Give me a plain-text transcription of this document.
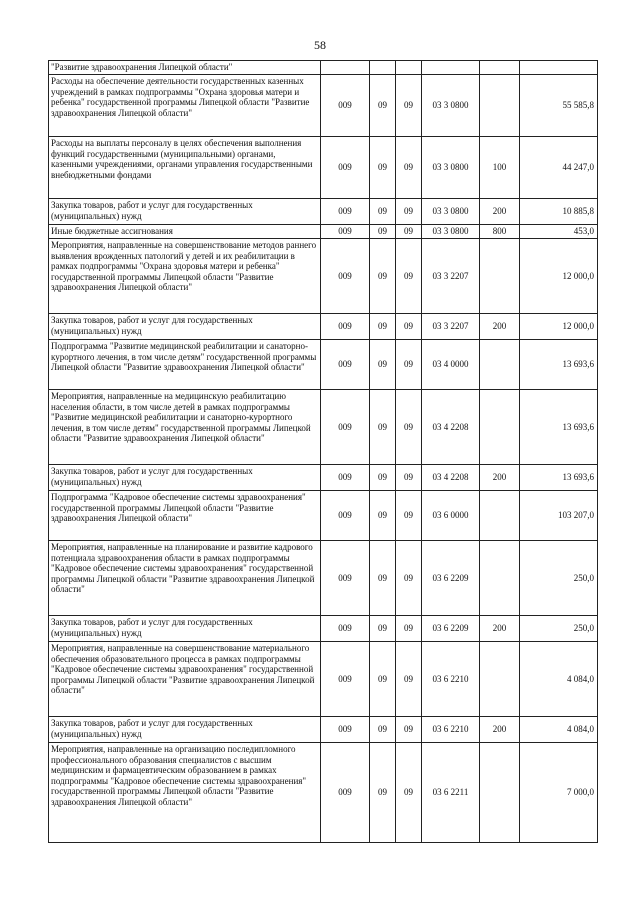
58
"Развитие здравоохранения Липецкой области"						
Расходы на обеспечение деятельности государственных казенных учреждений в рамках подпрограммы "Охрана здоровья матери и ребенка" государственной программы Липецкой области "Развитие здравоохранения Липецкой области"	009	09	09	03 3 0800		55 585,8
Расходы на выплаты персоналу в целях обеспечения выполнения функций государственными (муниципальными) органами, казенными учреждениями, органами управления государственными внебюджетными фондами	009	09	09	03 3 0800	100	44 247,0
Закупка товаров, работ и услуг для государственных (муниципальных) нужд	009	09	09	03 3 0800	200	10 885,8
Иные бюджетные ассигнования	009	09	09	03 3 0800	800	453,0
Мероприятия, направленные на совершенствование методов раннего выявления врожденных патологий у детей и их реабилитации в рамках подпрограммы "Охрана здоровья матери и ребенка" государственной программы Липецкой области "Развитие здравоохранения Липецкой области"	009	09	09	03 3 2207		12 000,0
Закупка товаров, работ и услуг для государственных (муниципальных) нужд	009	09	09	03 3 2207	200	12 000,0
Подпрограмма "Развитие медицинской реабилитации и санаторно-курортного лечения, в том числе детям" государственной программы Липецкой области "Развитие здравоохранения Липецкой области"	009	09	09	03 4 0000		13 693,6
Мероприятия, направленные на медицинскую реабилитацию населения области, в том числе детей в рамках подпрограммы "Развитие медицинской реабилитации и санаторно-курортного лечения, в том числе детям" государственной программы Липецкой области "Развитие здравоохранения Липецкой области"	009	09	09	03 4 2208		13 693,6
Закупка товаров, работ и услуг для государственных (муниципальных) нужд	009	09	09	03 4 2208	200	13 693,6
Подпрограмма "Кадровое обеспечение системы здравоохранения" государственной программы Липецкой области "Развитие здравоохранения Липецкой области"	009	09	09	03 6 0000		103 207,0
Мероприятия, направленные на планирование и развитие кадрового потенциала здравоохранения области в рамках подпрограммы "Кадровое обеспечение системы здравоохранения" государственной программы Липецкой области "Развитие здравоохранения Липецкой области"	009	09	09	03 6 2209		250,0
Закупка товаров, работ и услуг для государственных (муниципальных) нужд	009	09	09	03 6 2209	200	250,0
Мероприятия, направленные на совершенствование материального обеспечения образовательного процесса в рамках подпрограммы "Кадровое обеспечение системы здравоохранения" государственной программы Липецкой области "Развитие здравоохранения Липецкой области"	009	09	09	03 6 2210		4 084,0
Закупка товаров, работ и услуг для государственных (муниципальных) нужд	009	09	09	03 6 2210	200	4 084,0
Мероприятия, направленные на организацию последипломного профессионального образования специалистов с высшим медицинским и фармацевтическим образованием в рамках подпрограммы "Кадровое обеспечение системы здравоохранения" государственной программы Липецкой области "Развитие здравоохранения Липецкой области"	009	09	09	03 6 2211		7 000,0
